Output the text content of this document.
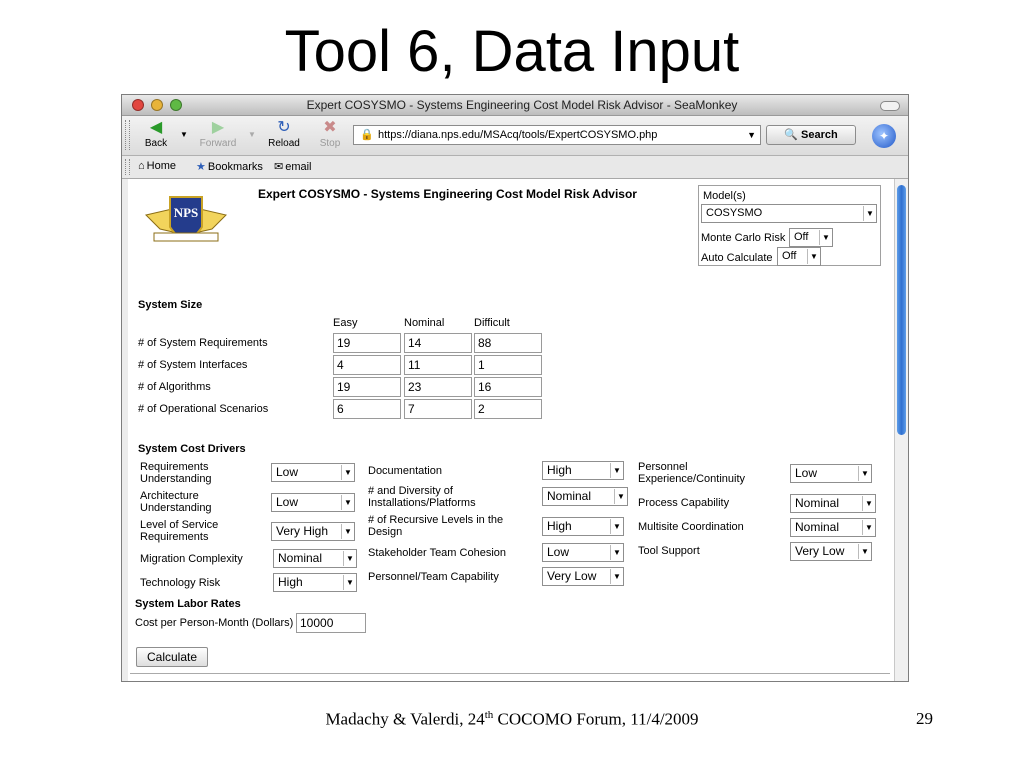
Tool 6, Data Input
Expert COSYSMO - Systems Engineering Cost Model Risk Advisor - SeaMonkey
◀
Back
▼	▶
Forward
▼	↻
Reload
✖
Stop
🔒 https://diana.nps.edu/MSAcq/tools/ExpertCOSYSMO.php	▼	🔍 Search	✦
⌂ Home ★ Bookmarks ✉ email
NPS
Expert COSYSMO - Systems Engineering Cost Model Risk Advisor	Model(s)
COSYSMO	▼
Monte Carlo Risk Off	▼
Auto Calculate Off	▼
System Size
Easy	Nominal	Difficult
# of System Requirements	19	14	88
# of System Interfaces	4	11	1
# of Algorithms	19	23	16
# of Operational Scenarios	6	7	2
System Cost Drivers
Requirements Understanding	Low	▼
Architecture Understanding	Low	▼
Level of Service Requirements	Very High	▼
Migration Complexity	Nominal	▼
Technology Risk	High	▼
Documentation	High	▼
# and Diversity of Installations/Platforms	Nominal	▼
# of Recursive Levels in the Design	High	▼
Stakeholder Team Cohesion	Low	▼
Personnel/Team Capability	Very Low	▼
Personnel Experience/Continuity	Low	▼
Process Capability	Nominal	▼
Multisite Coordination	Nominal	▼
Tool Support	Very Low	▼
System Labor Rates
Cost per Person-Month (Dollars) 10000
Calculate
Madachy & Valerdi, 24th COCOMO Forum, 11/4/2009	29
